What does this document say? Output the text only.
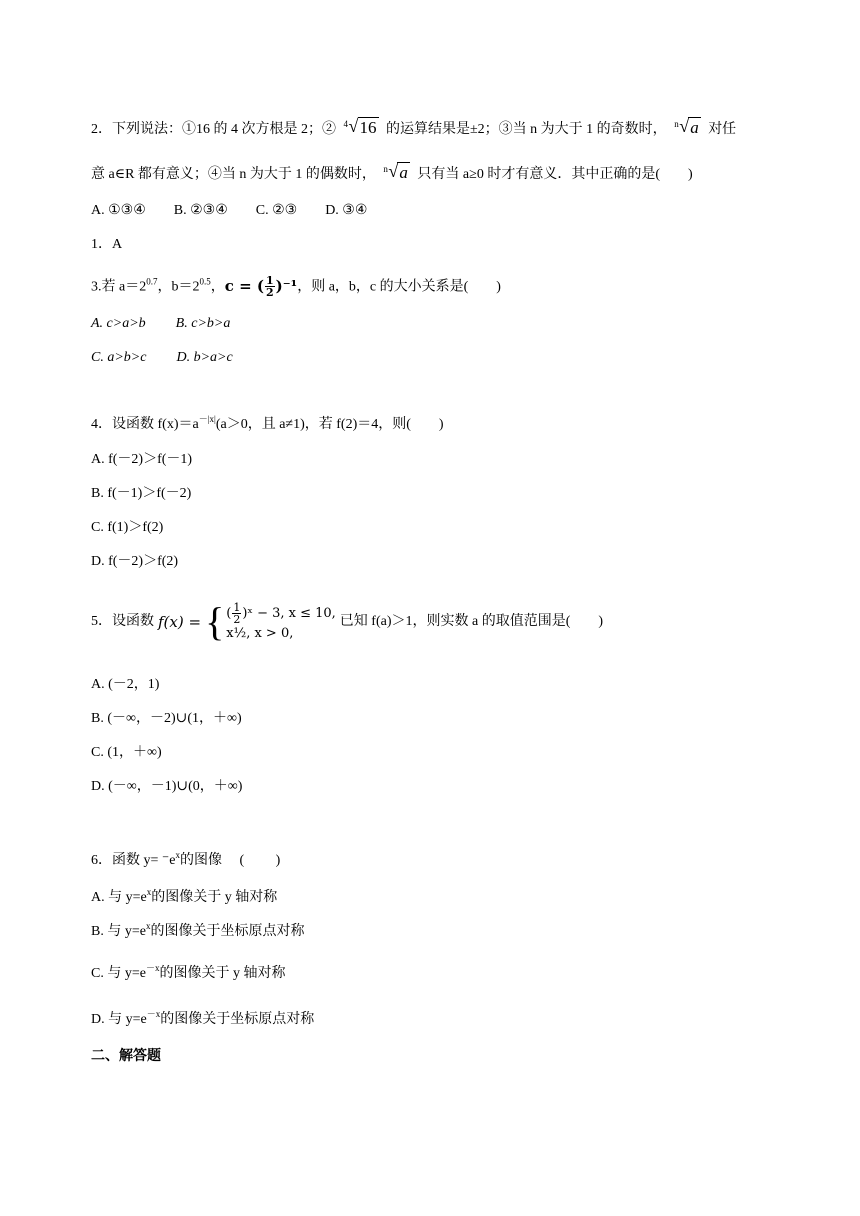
2．下列说法：①16 的 4 次方根是 2；② 4 √ 16 的运算结果是±2；③当 n 为大于 1 的奇数时， n √ a 对任
意 a∈R 都有意义；④当 n 为大于 1 的偶数时， n √ a 只有当 a≥0 时才有意义．其中正确的是(　　)
A. ①③④　　B. ②③④　　C. ②③　　D. ③④
1．A
3.若 $a=2^{0.7}$，$b=2^{0.5}$，c = ( $\frac{1}{2} )^{-1}$，则 a，b，c 的大小关系是(　　)
A. c>a>b B. c>b>a
C. a>b>c D. b>a>c
4．设函数 $f(x)=a^{-|x|}(a>0$，且 a≠1)，若 f(2)＝4，则(　　)
A. f(－2)＞f(－1)
B. f(－1)＞f(－2)
C. f(1)＞f(2)
D. f(－2)＞f(2)
5．设函数 f(x) = { ( $\frac{1}{2}$ )ˣ − 3, x ≤ 10,
x½, x > 0,
已知 f(a)＞1，则实数 a 的取值范围是(　　)
A. (－2，1)
B. (－∞，－2)∪(1，＋∞)
C. (1，＋∞)
D. (－∞，－1)∪(0，＋∞)
6．函数 $y= ^-e^x$的图像　 (　　 )
A. 与 $y=e^x$的图像关于 y 轴对称
B. 与 $y=e^x$的图像关于坐标原点对称
C. 与 $y=e^{-x}$的图像关于 y 轴对称
D. 与 $y=e^{-x}$的图像关于坐标原点对称
二、解答题
